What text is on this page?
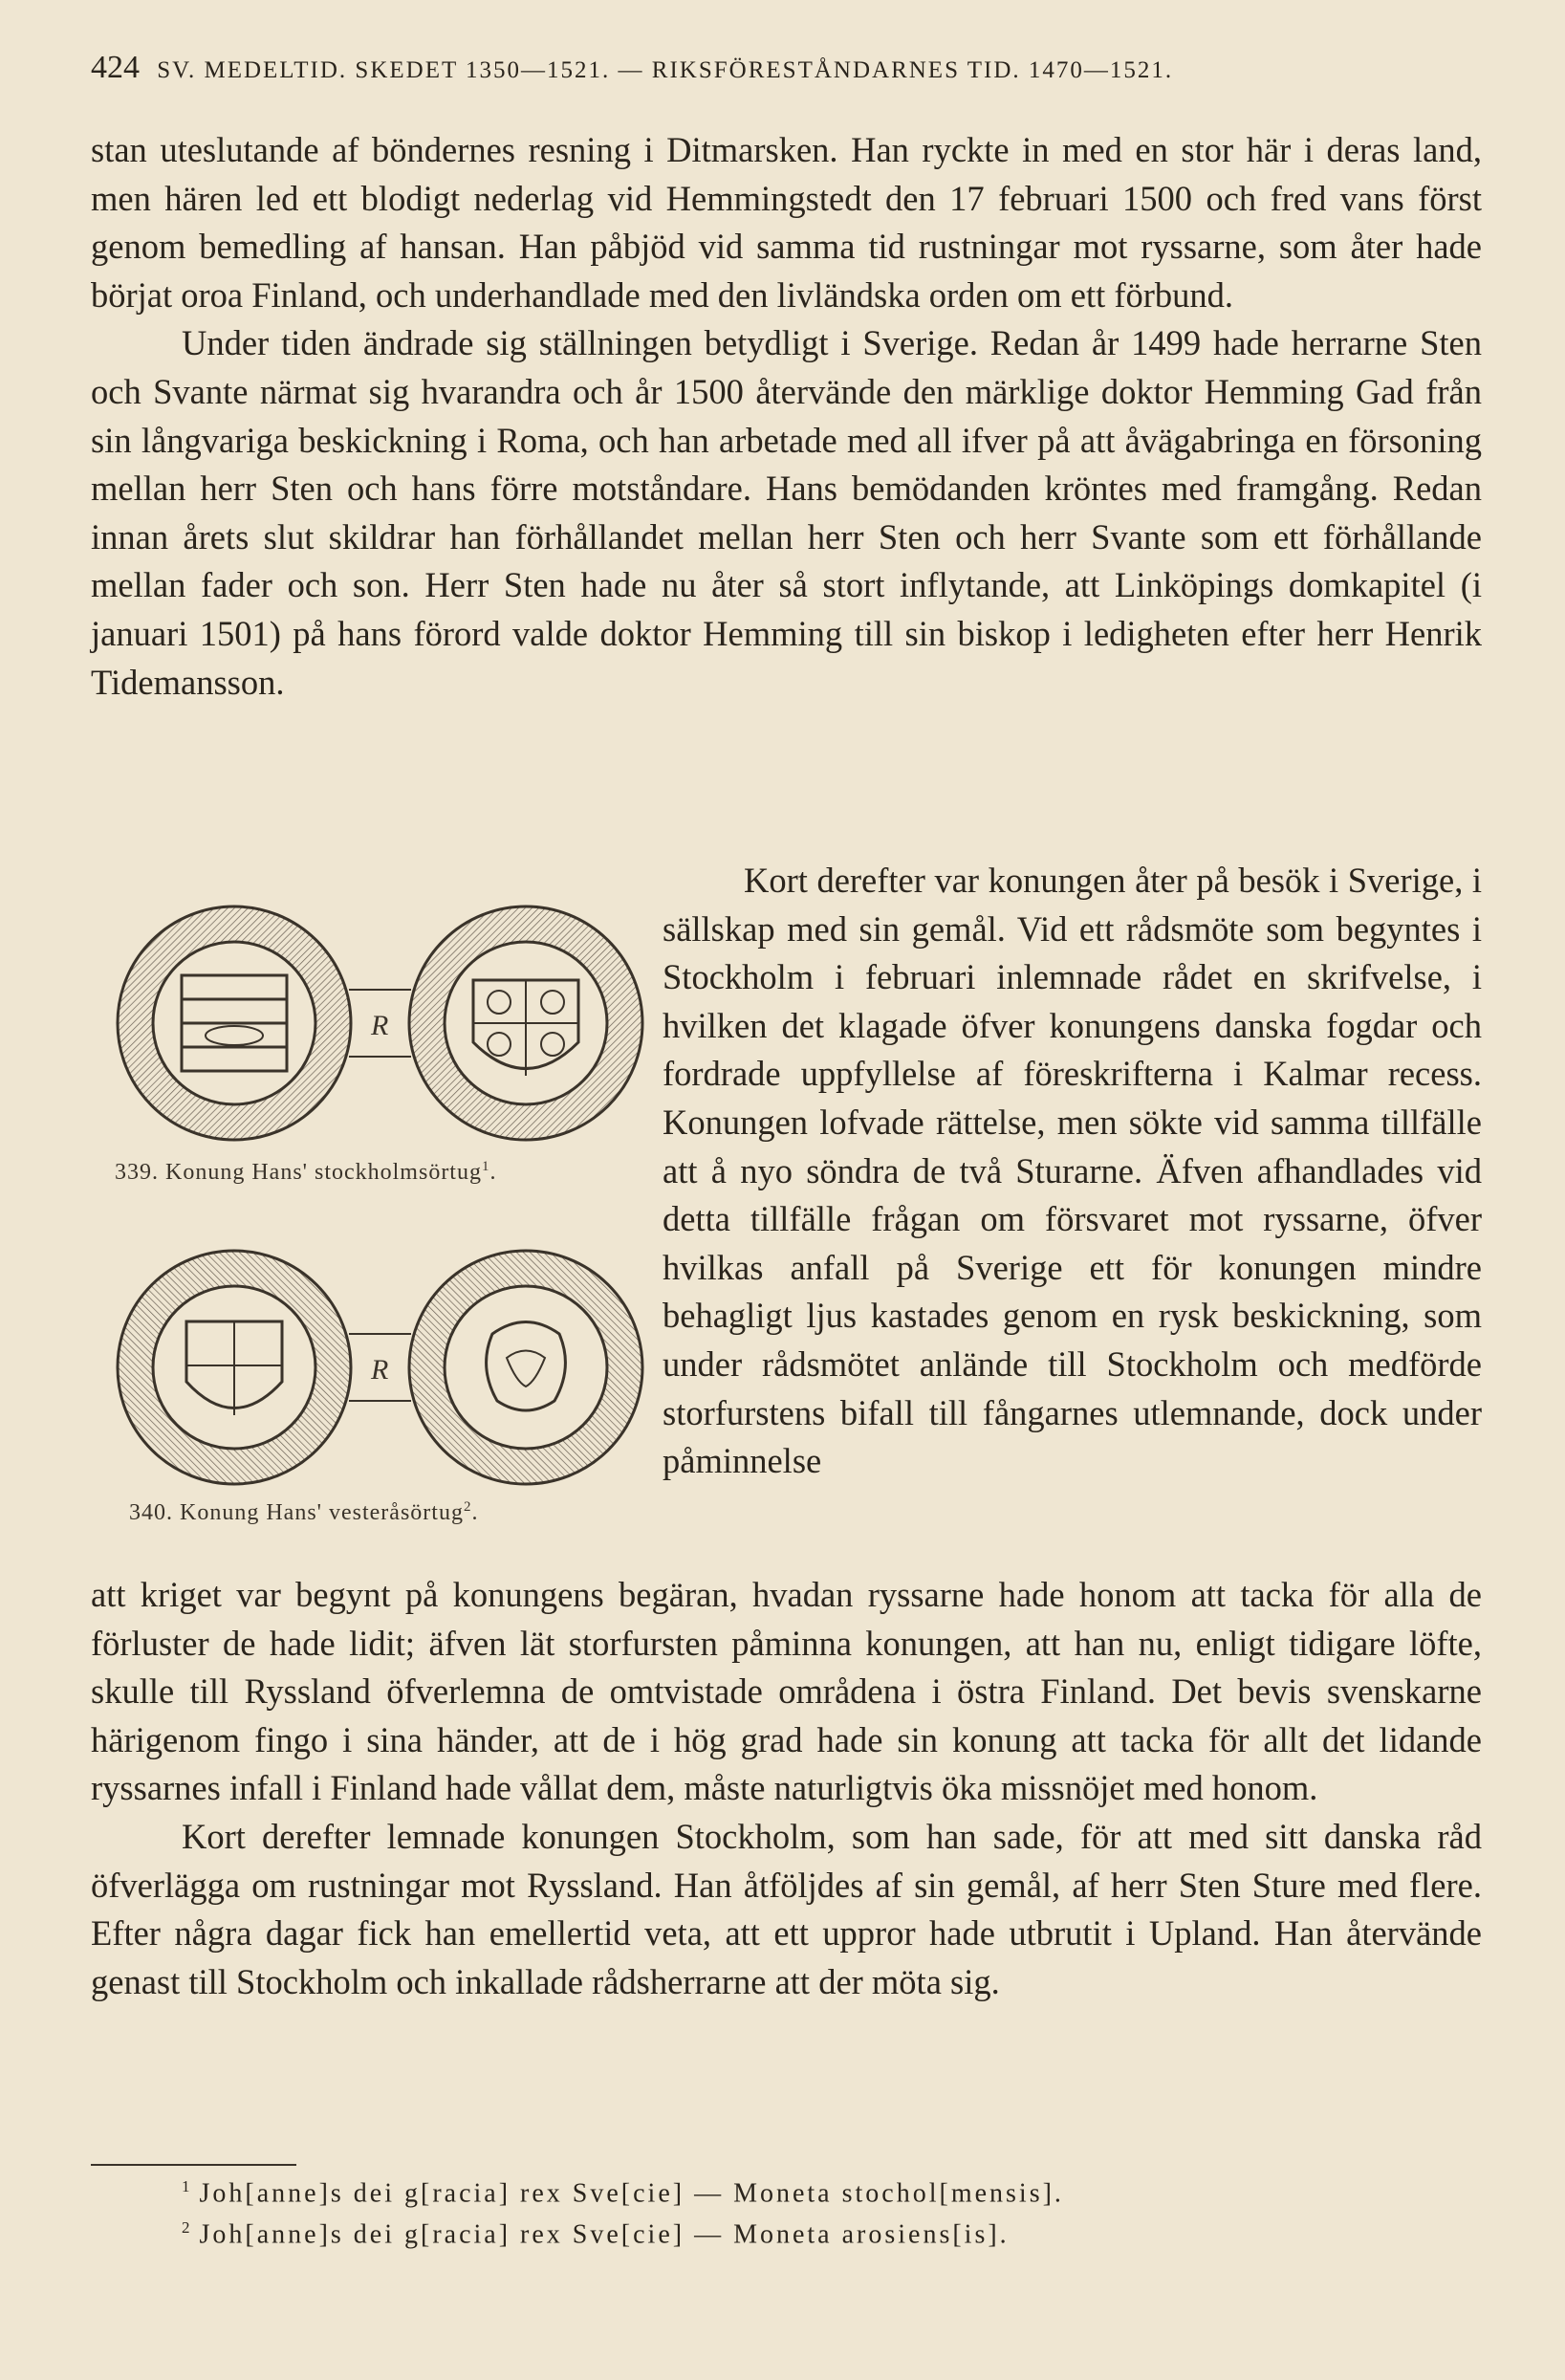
424 SV. MEDELTID. SKEDET 1350—1521. — RIKSFÖRESTÅNDARNES TID. 1470—1521.

stan uteslutande af böndernes resning i Ditmarsken. Han ryckte in med en stor här i deras land, men hären led ett blodigt nederlag vid Hemmingstedt den 17 februari 1500 och fred vans först genom bemedling af hansan. Han påbjöd vid samma tid rustningar mot ryssarne, som åter hade börjat oroa Finland, och underhandlade med den livländska orden om ett förbund.

Under tiden ändrade sig ställningen betydligt i Sverige. Redan år 1499 hade herrarne Sten och Svante närmat sig hvarandra och år 1500 återvände den märklige doktor Hemming Gad från sin långvariga beskickning i Roma, och han arbetade med all ifver på att åvägabringa en försoning mellan herr Sten och hans förre motståndare. Hans bemödanden kröntes med framgång. Redan innan årets slut skildrar han förhållandet mellan herr Sten och herr Svante som ett förhållande mellan fader och son. Herr Sten hade nu åter så stort inflytande, att Linköpings domkapitel (i januari 1501) på hans förord valde doktor Hemming till sin biskop i ledigheten efter herr Henrik Tidemansson.

R
339. Konung Hans' stockholmsörtug$^1$.
R
340. Konung Hans' vesteråsörtug$^2$.

Kort derefter var konungen åter på besök i Sverige, i sällskap med sin gemål. Vid ett rådsmöte som begyntes i Stockholm i februari inlemnade rådet en skrifvelse, i hvilken det klagade öfver konungens danska fogdar och fordrade uppfyllelse af föreskrifterna i Kalmar recess. Konungen lofvade rättelse, men sökte vid samma tillfälle att å nyo söndra de två Sturarne. Äfven afhandlades vid detta tillfälle frågan om försvaret mot ryssarne, öfver hvilkas anfall på Sverige ett för konungen mindre behagligt ljus kastades genom en rysk beskickning, som under rådsmötet anlände till Stockholm och medförde storfurstens bifall till fångarnes utlemnande, dock under påminnelse

att kriget var begynt på konungens begäran, hvadan ryssarne hade honom att tacka för alla de förluster de hade lidit; äfven lät storfursten påminna konungen, att han nu, enligt tidigare löfte, skulle till Ryssland öfverlemna de omtvistade områdena i östra Finland. Det bevis svenskarne härigenom fingo i sina händer, att de i hög grad hade sin konung att tacka för allt det lidande ryssarnes infall i Finland hade vållat dem, måste naturligtvis öka missnöjet med honom.

Kort derefter lemnade konungen Stockholm, som han sade, för att med sitt danska råd öfverlägga om rustningar mot Ryssland. Han åtföljdes af sin gemål, af herr Sten Sture med flere. Efter några dagar fick han emellertid veta, att ett uppror hade utbrutit i Upland. Han återvände genast till Stockholm och inkallade rådsherrarne att der möta sig.

$^1$ Joh[anne]s dei g[racia] rex Sve[cie] — Moneta stochol[mensis].
$^2$ Joh[anne]s dei g[racia] rex Sve[cie] — Moneta arosiens[is].
